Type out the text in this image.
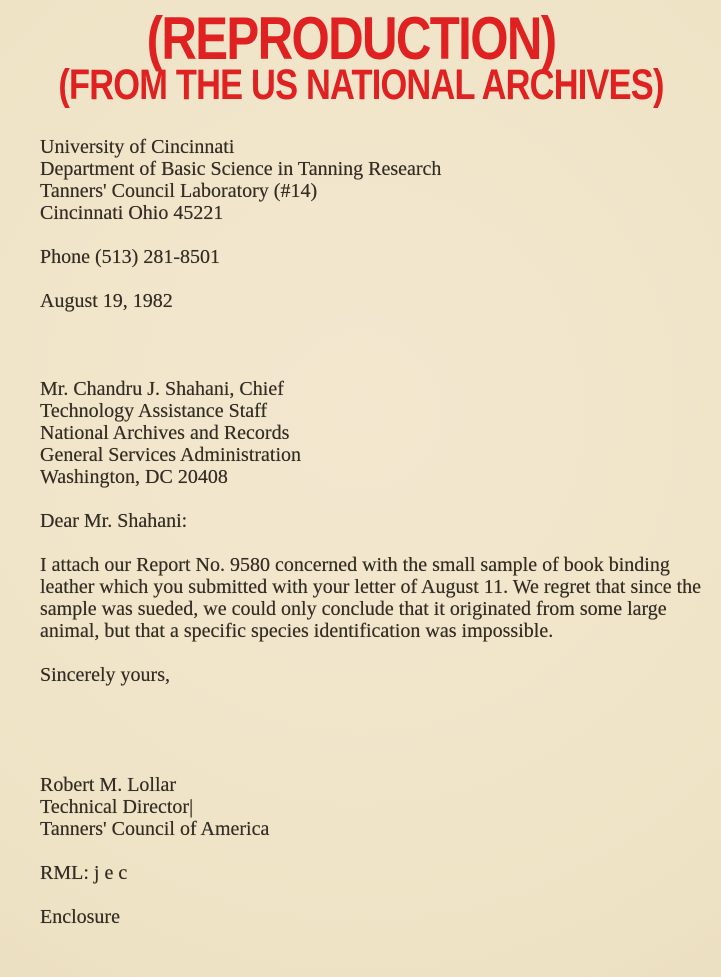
(REPRODUCTION)
(FROM THE US NATIONAL ARCHIVES)
University of Cincinnati
Department of Basic Science in Tanning Research
Tanners' Council Laboratory (#14)
Cincinnati Ohio 45221
Phone (513) 281-8501
August 19, 1982
Mr. Chandru J. Shahani, Chief
Technology Assistance Staff
National Archives and Records
General Services Administration
Washington, DC 20408
Dear Mr. Shahani:

I attach our Report No. 9580 concerned with the small sample of book binding leather which you submitted with your letter of August 11. We regret that since the sample was sueded, we could only conclude that it originated from some large animal, but that a specific species identification was impossible.

Sincerely yours,
Robert M. Lollar
Technical Director|
Tanners' Council of America
RML: j e c
Enclosure
